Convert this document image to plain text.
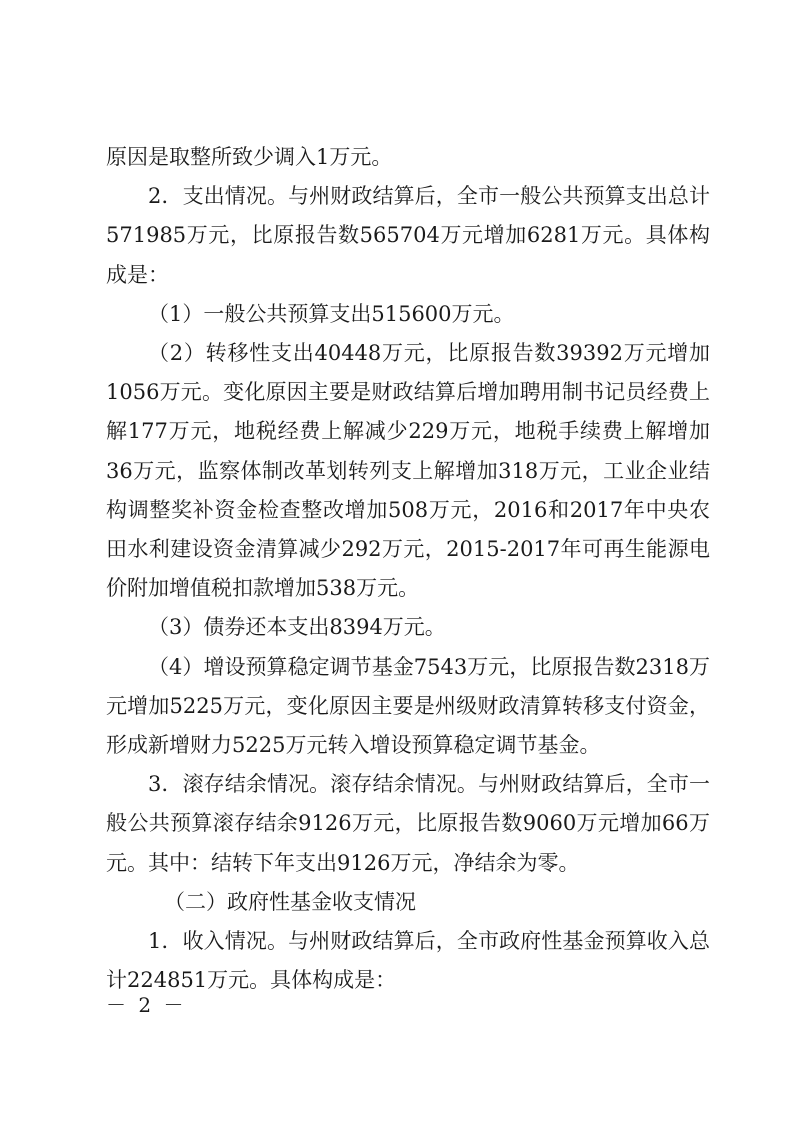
原因是取整所致少调入1万元。

2．支出情况。与州财政结算后，全市一般公共预算支出总计571985万元，比原报告数565704万元增加6281万元。具体构成是：

（1）一般公共预算支出515600万元。

（2）转移性支出40448万元，比原报告数39392万元增加1056万元。变化原因主要是财政结算后增加聘用制书记员经费上解177万元，地税经费上解减少229万元，地税手续费上解增加36万元，监察体制改革划转列支上解增加318万元，工业企业结构调整奖补资金检查整改增加508万元，2016和2017年中央农田水利建设资金清算减少292万元，2015-2017年可再生能源电价附加增值税扣款增加538万元。

（3）债券还本支出8394万元。

（4）增设预算稳定调节基金7543万元，比原报告数2318万元增加5225万元，变化原因主要是州级财政清算转移支付资金，形成新增财力5225万元转入增设预算稳定调节基金。

3．滚存结余情况。滚存结余情况。与州财政结算后，全市一般公共预算滚存结余9126万元，比原报告数9060万元增加66万元。其中：结转下年支出9126万元，净结余为零。

（二）政府性基金收支情况

1．收入情况。与州财政结算后，全市政府性基金预算收入总计224851万元。具体构成是：

－ 2 －
